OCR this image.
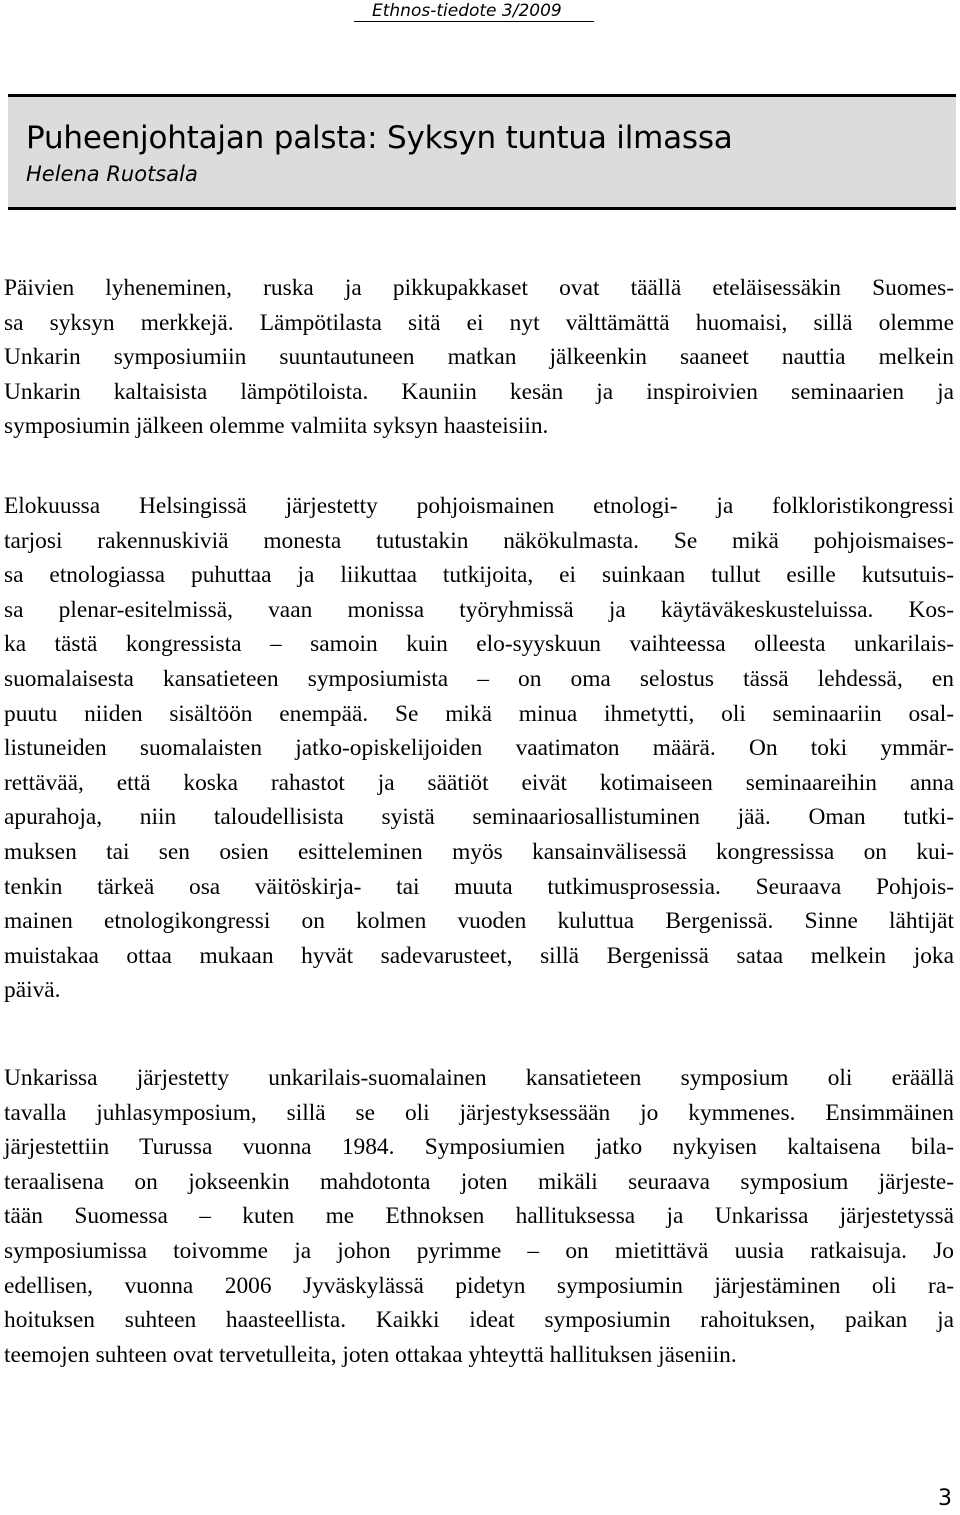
Ethnos-tiedote 3/2009
Puheenjohtajan palsta: Syksyn tuntua ilmassa
Helena Ruotsala
Päivien lyheneminen, ruska ja pikkupakkaset ovat täällä eteläisessäkin Suomes-
sa syksyn merkkejä. Lämpötilasta sitä ei nyt välttämättä huomaisi, sillä olemme
Unkarin symposiumiin suuntautuneen matkan jälkeenkin saaneet nauttia melkein
Unkarin kaltaisista lämpötiloista. Kauniin kesän ja inspiroivien seminaarien ja
symposiumin jälkeen olemme valmiita syksyn haasteisiin.
Elokuussa Helsingissä järjestetty pohjoismainen etnologi- ja folkloristikongressi
tarjosi rakennuskiviä monesta tutustakin näkökulmasta. Se mikä pohjoismaises-
sa etnologiassa puhuttaa ja liikuttaa tutkijoita, ei suinkaan tullut esille kutsutuis-
sa plenar-esitelmissä, vaan monissa työryhmissä ja käytäväkeskusteluissa. Kos-
ka tästä kongressista – samoin kuin elo-syyskuun vaihteessa olleesta unkarilais-
suomalaisesta kansatieteen symposiumista – on oma selostus tässä lehdessä, en
puutu niiden sisältöön enempää. Se mikä minua ihmetytti, oli seminaariin osal-
listuneiden suomalaisten jatko-opiskelijoiden vaatimaton määrä. On toki ymmär-
rettävää, että koska rahastot ja säätiöt eivät kotimaiseen seminaareihin anna
apurahoja, niin taloudellisista syistä seminaariosallistuminen jää. Oman tutki-
muksen tai sen osien esitteleminen myös kansainvälisessä kongressissa on kui-
tenkin tärkeä osa väitöskirja- tai muuta tutkimusprosessia. Seuraava Pohjois-
mainen etnologikongressi on kolmen vuoden kuluttua Bergenissä. Sinne lähtijät
muistakaa ottaa mukaan hyvät sadevarusteet, sillä Bergenissä sataa melkein joka
päivä.
Unkarissa järjestetty unkarilais-suomalainen kansatieteen symposium oli eräällä
tavalla juhlasymposium, sillä se oli järjestyksessään jo kymmenes. Ensimmäinen
järjestettiin Turussa vuonna 1984. Symposiumien jatko nykyisen kaltaisena bila-
teraalisena on jokseenkin mahdotonta joten mikäli seuraava symposium järjeste-
tään Suomessa – kuten me Ethnoksen hallituksessa ja Unkarissa järjestetyssä
symposiumissa toivomme ja johon pyrimme – on mietittävä uusia ratkaisuja. Jo
edellisen, vuonna 2006 Jyväskylässä pidetyn symposiumin järjestäminen oli ra-
hoituksen suhteen haasteellista. Kaikki ideat symposiumin rahoituksen, paikan ja
teemojen suhteen ovat tervetulleita, joten ottakaa yhteyttä hallituksen jäseniin.
3
